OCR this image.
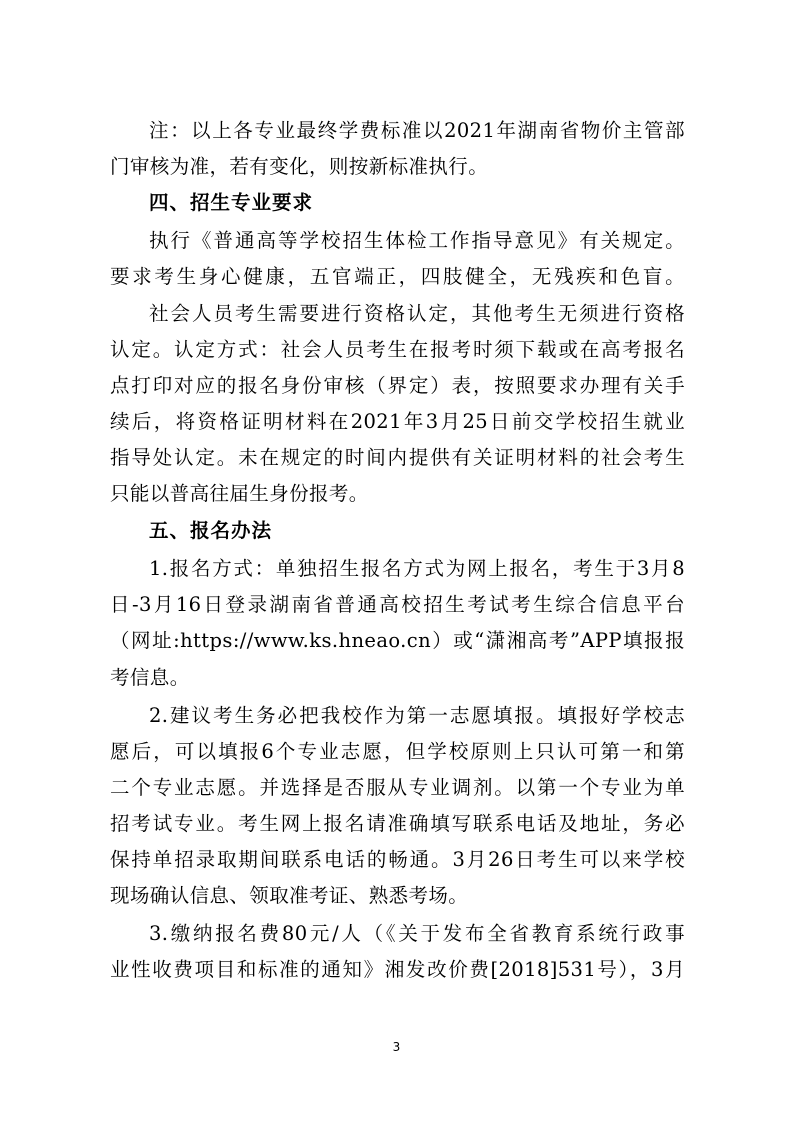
注：以上各专业最终学费标准以2021年湖南省物价主管部
门审核为准，若有变化，则按新标准执行。
四、招生专业要求
执行《普通高等学校招生体检工作指导意见》有关规定。
要求考生身心健康，五官端正，四肢健全，无残疾和色盲。
社会人员考生需要进行资格认定，其他考生无须进行资格
认定。认定方式：社会人员考生在报考时须下载或在高考报名
点打印对应的报名身份审核（界定）表，按照要求办理有关手
续后，将资格证明材料在2021年3月25日前交学校招生就业
指导处认定。未在规定的时间内提供有关证明材料的社会考生
只能以普高往届生身份报考。
五、报名办法
1.报名方式：单独招生报名方式为网上报名，考生于3月8
日-3月16日登录湖南省普通高校招生考试考生综合信息平台
（网址:https://www.ks.hneao.cn）或“潇湘高考”APP填报报
考信息。
2.建议考生务必把我校作为第一志愿填报。填报好学校志
愿后，可以填报6个专业志愿，但学校原则上只认可第一和第
二个专业志愿。并选择是否服从专业调剂。以第一个专业为单
招考试专业。考生网上报名请准确填写联系电话及地址，务必
保持单招录取期间联系电话的畅通。3月26日考生可以来学校
现场确认信息、领取准考证、熟悉考场。
3.缴纳报名费80元/人（《关于发布全省教育系统行政事
业性收费项目和标准的通知》湘发改价费[2018]531号），3月
3
